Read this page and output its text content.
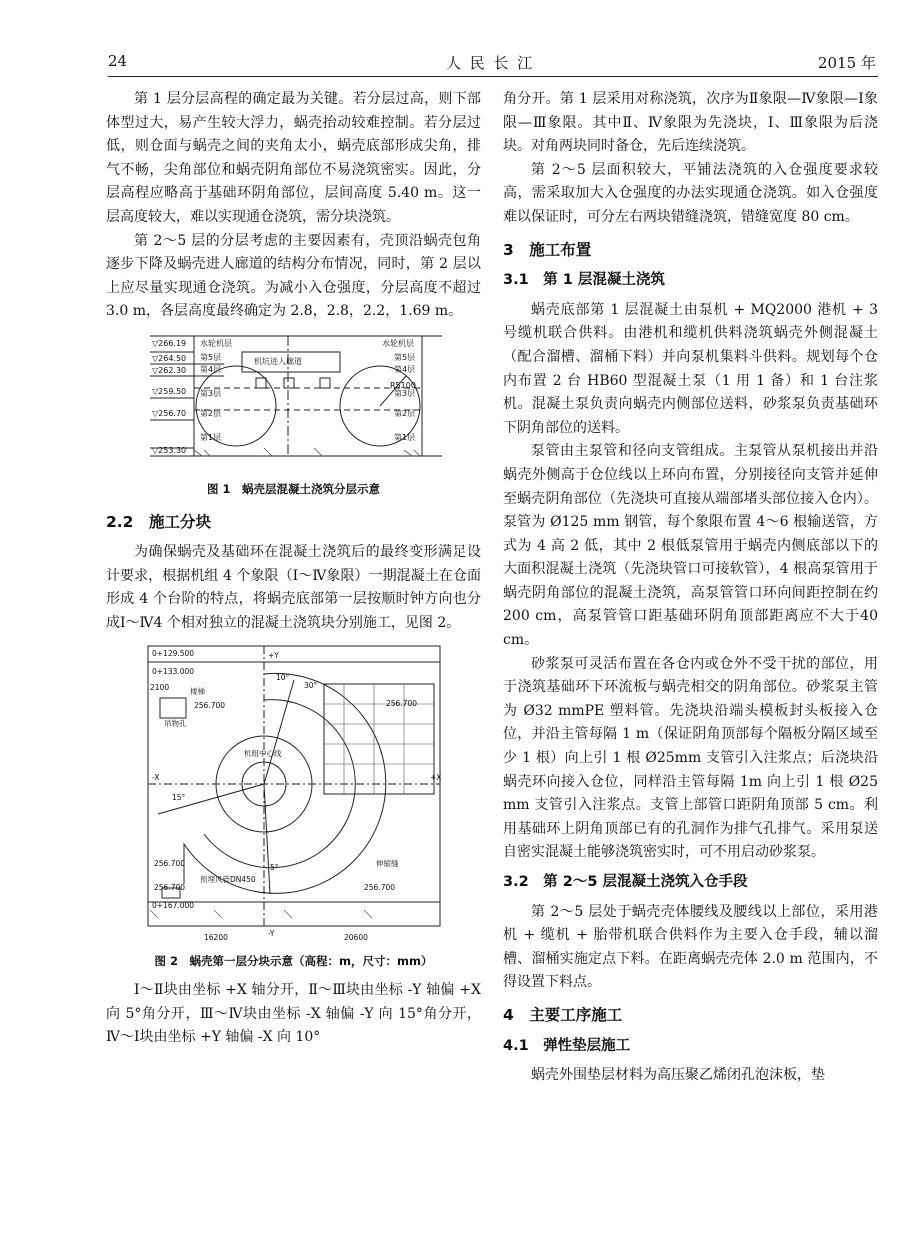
24	人 民 长 江	2015 年

第 1 层分层高程的确定最为关键。若分层过高，则下部体型过大，易产生较大浮力，蜗壳抬动较难控制。若分层过低，则仓面与蜗壳之间的夹角太小，蜗壳底部形成尖角，排气不畅，尖角部位和蜗壳阴角部位不易浇筑密实。因此，分层高程应略高于基础环阴角部位，层间高度 5.40 m。这一层高度较大，难以实现通仓浇筑，需分块浇筑。

第 2～5 层的分层考虑的主要因素有，壳顶沿蜗壳包角逐步下降及蜗壳进人廊道的结构分布情况，同时，第 2 层以上应尽量实现通仓浇筑。为减小入仓强度，分层高度不超过 3.0 m，各层高度最终确定为 2.8，2.8，2.2，1.69 m。

▽266.19
▽264.50
▽262.30
▽259.50
▽256.70
▽253.30
水轮机层	水轮机层
机坑进人廊道
第5层
第4层
第3层
第2层
第1层
第5层
第4层
第3层
第2层
第1层
R5100
图 1　蜗壳层混凝土浇筑分层示意
2.2　施工分块

为确保蜗壳及基础环在混凝土浇筑后的最终变形满足设计要求，根据机组 4 个象限（Ⅰ～Ⅳ象限）一期混凝土在仓面形成 4 个台阶的特点，将蜗壳底部第一层按顺时钟方向也分成Ⅰ～Ⅳ4 个相对独立的混凝土浇筑块分别施工，见图 2。

0+129.500
0+133.000
+Y
-Y
+X
-X
10°
30°
15°
5°
2100	楼梯
吊物孔
256.700	256.700
256.700
256.700	256.700
机组中心线
伸缩缝
预埋风管DN450
0+167.000
16200	20600
图 2　蜗壳第一层分块示意（高程：m，尺寸：mm）

Ⅰ～Ⅱ块由坐标 +X 轴分开，Ⅱ～Ⅲ块由坐标 -Y 轴偏 +X 向 5°角分开，Ⅲ～Ⅳ块由坐标 -X 轴偏 -Y 向 15°角分开，Ⅳ～Ⅰ块由坐标 +Y 轴偏 -X 向 10°

角分开。第 1 层采用对称浇筑，次序为Ⅱ象限—Ⅳ象限—Ⅰ象限—Ⅲ象限。其中Ⅱ、Ⅳ象限为先浇块，Ⅰ、Ⅲ象限为后浇块。对角两块同时备仓，先后连续浇筑。

第 2～5 层面积较大，平铺法浇筑的入仓强度要求较高，需采取加大入仓强度的办法实现通仓浇筑。如入仓强度难以保证时，可分左右两块错缝浇筑，错缝宽度 80 cm。

3　施工布置
3.1　第 1 层混凝土浇筑

蜗壳底部第 1 层混凝土由泵机 + MQ2000 港机 + 3 号缆机联合供料。由港机和缆机供料浇筑蜗壳外侧混凝土（配合溜槽、溜桶下料）并向泵机集料斗供料。规划每个仓内布置 2 台 HB60 型混凝土泵（1 用 1 备）和 1 台注浆机。混凝土泵负责向蜗壳内侧部位送料，砂浆泵负责基础环下阴角部位的送料。

泵管由主泵管和径向支管组成。主泵管从泵机接出并沿蜗壳外侧高于仓位线以上环向布置，分别接径向支管并延伸至蜗壳阴角部位（先浇块可直接从端部堵头部位接入仓内）。泵管为 Ø125 mm 钢管，每个象限布置 4～6 根输送管，方式为 4 高 2 低，其中 2 根低泵管用于蜗壳内侧底部以下的大面积混凝土浇筑（先浇块管口可接软管），4 根高泵管用于蜗壳阴角部位的混凝土浇筑，高泵管管口环向间距控制在约 200 cm，高泵管管口距基础环阴角顶部距离应不大于40 cm。

砂浆泵可灵活布置在各仓内或仓外不受干扰的部位，用于浇筑基础环下环流板与蜗壳相交的阴角部位。砂浆泵主管为 Ø32 mmPE 塑料管。先浇块沿端头模板封头板接入仓位，并沿主管每隔 1 m（保证阴角顶部每个隔板分隔区域至少 1 根）向上引 1 根 Ø25mm 支管引入注浆点；后浇块沿蜗壳环向接入仓位，同样沿主管每隔 1m 向上引 1 根 Ø25 mm 支管引入注浆点。支管上部管口距阴角顶部 5 cm。利用基础环上阴角顶部已有的孔洞作为排气孔排气。采用泵送自密实混凝土能够浇筑密实时，可不用启动砂浆泵。

3.2　第 2～5 层混凝土浇筑入仓手段

第 2～5 层处于蜗壳壳体腰线及腰线以上部位，采用港机 + 缆机 + 胎带机联合供料作为主要入仓手段，辅以溜槽、溜桶实施定点下料。在距离蜗壳壳体 2.0 m 范围内，不得设置下料点。

4　主要工序施工
4.1　弹性垫层施工

蜗壳外围垫层材料为高压聚乙烯闭孔泡沫板，垫
